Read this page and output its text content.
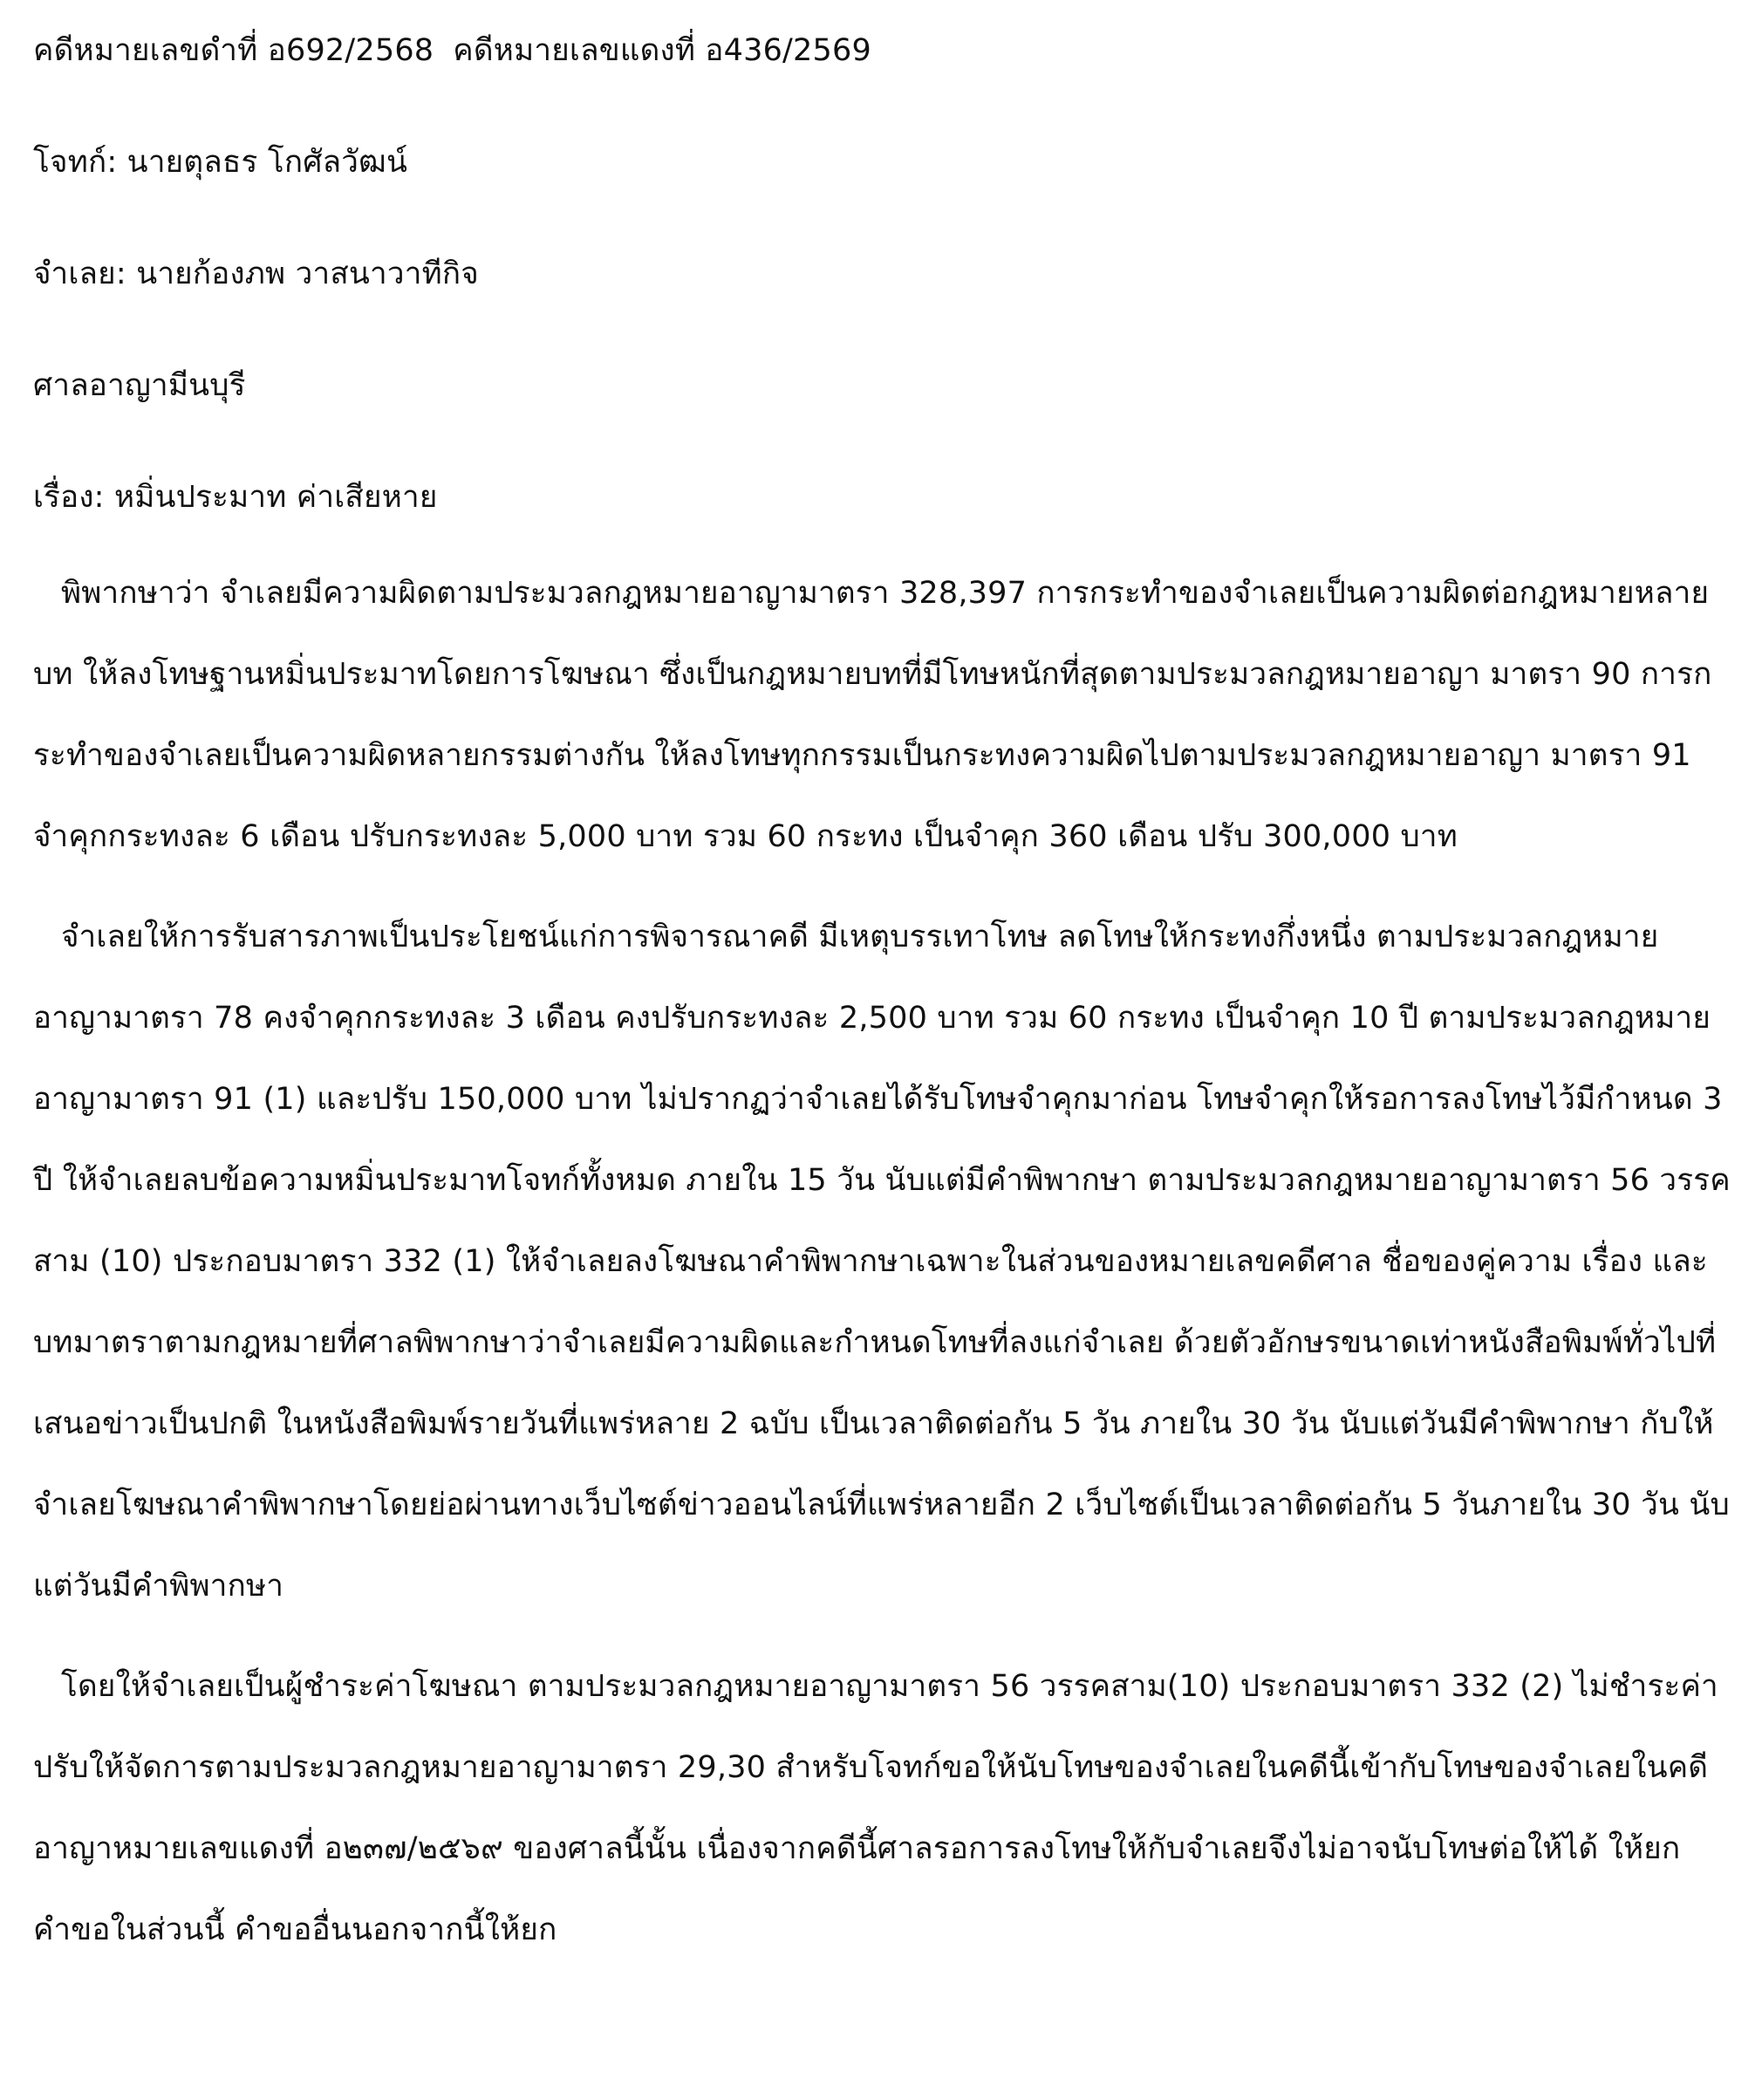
คดีหมายเลขดำที่ อ692/2568 คดีหมายเลขแดงที่ อ436/2569

โจทก์: นายตุลธร โกศัลวัฒน์

จำเลย: นายก้องภพ วาสนาวาทีกิจ

ศาลอาญามีนบุรี

เรื่อง: หมิ่นประมาท ค่าเสียหาย

พิพากษาว่า จำเลยมีความผิดตามประมวลกฎหมายอาญามาตรา 328,397 การกระทำของจำเลยเป็นความผิดต่อกฎหมายหลายบท ให้ลงโทษฐานหมิ่นประมาทโดยการโฆษณา ซึ่งเป็นกฎหมายบทที่มีโทษหนักที่สุดตามประมวลกฎหมายอาญา มาตรา 90 การกระทำของจำเลยเป็นความผิดหลายกรรมต่างกัน ให้ลงโทษทุกกรรมเป็นกระทงความผิดไปตามประมวลกฎหมายอาญา มาตรา 91 จำคุกกระทงละ 6 เดือน ปรับกระทงละ 5,000 บาท รวม 60 กระทง เป็นจำคุก 360 เดือน ปรับ 300,000 บาท

จำเลยให้การรับสารภาพเป็นประโยชน์แก่การพิจารณาคดี มีเหตุบรรเทาโทษ ลดโทษให้กระทงกึ่งหนึ่ง ตามประมวลกฎหมายอาญามาตรา 78 คงจำคุกกระทงละ 3 เดือน คงปรับกระทงละ 2,500 บาท รวม 60 กระทง เป็นจำคุก 10 ปี ตามประมวลกฎหมายอาญามาตรา 91 (1) และปรับ 150,000 บาท ไม่ปรากฏว่าจำเลยได้รับโทษจำคุกมาก่อน โทษจำคุกให้รอการลงโทษไว้มีกำหนด 3 ปี ให้จำเลยลบข้อความหมิ่นประมาทโจทก์ทั้งหมด ภายใน 15 วัน นับแต่มีคำพิพากษา ตามประมวลกฎหมายอาญามาตรา 56 วรรคสาม (10) ประกอบมาตรา 332 (1) ให้จำเลยลงโฆษณาคำพิพากษาเฉพาะในส่วนของหมายเลขคดีศาล ชื่อของคู่ความ เรื่อง และบทมาตราตามกฎหมายที่ศาลพิพากษาว่าจำเลยมีความผิดและกำหนดโทษที่ลงแก่จำเลย ด้วยตัวอักษรขนาดเท่าหนังสือพิมพ์ทั่วไปที่เสนอข่าวเป็นปกติ ในหนังสือพิมพ์รายวันที่แพร่หลาย 2 ฉบับ เป็นเวลาติดต่อกัน 5 วัน ภายใน 30 วัน นับแต่วันมีคำพิพากษา กับให้จำเลยโฆษณาคำพิพากษาโดยย่อผ่านทางเว็บไซต์ข่าวออนไลน์ที่แพร่หลายอีก 2 เว็บไซต์เป็นเวลาติดต่อกัน 5 วันภายใน 30 วัน นับแต่วันมีคำพิพากษา

โดยให้จำเลยเป็นผู้ชำระค่าโฆษณา ตามประมวลกฎหมายอาญามาตรา 56 วรรคสาม(10) ประกอบมาตรา 332 (2) ไม่ชำระค่าปรับให้จัดการตามประมวลกฎหมายอาญามาตรา 29,30 สำหรับโจทก์ขอให้นับโทษของจำเลยในคดีนี้เข้ากับโทษของจำเลยในคดีอาญาหมายเลขแดงที่ อ๒๓๗/๒๕๖๙ ของศาลนี้นั้น เนื่องจากคดีนี้ศาลรอการลงโทษให้กับจำเลยจึงไม่อาจนับโทษต่อให้ได้ ให้ยกคำขอในส่วนนี้ คำขออื่นนอกจากนี้ให้ยก
